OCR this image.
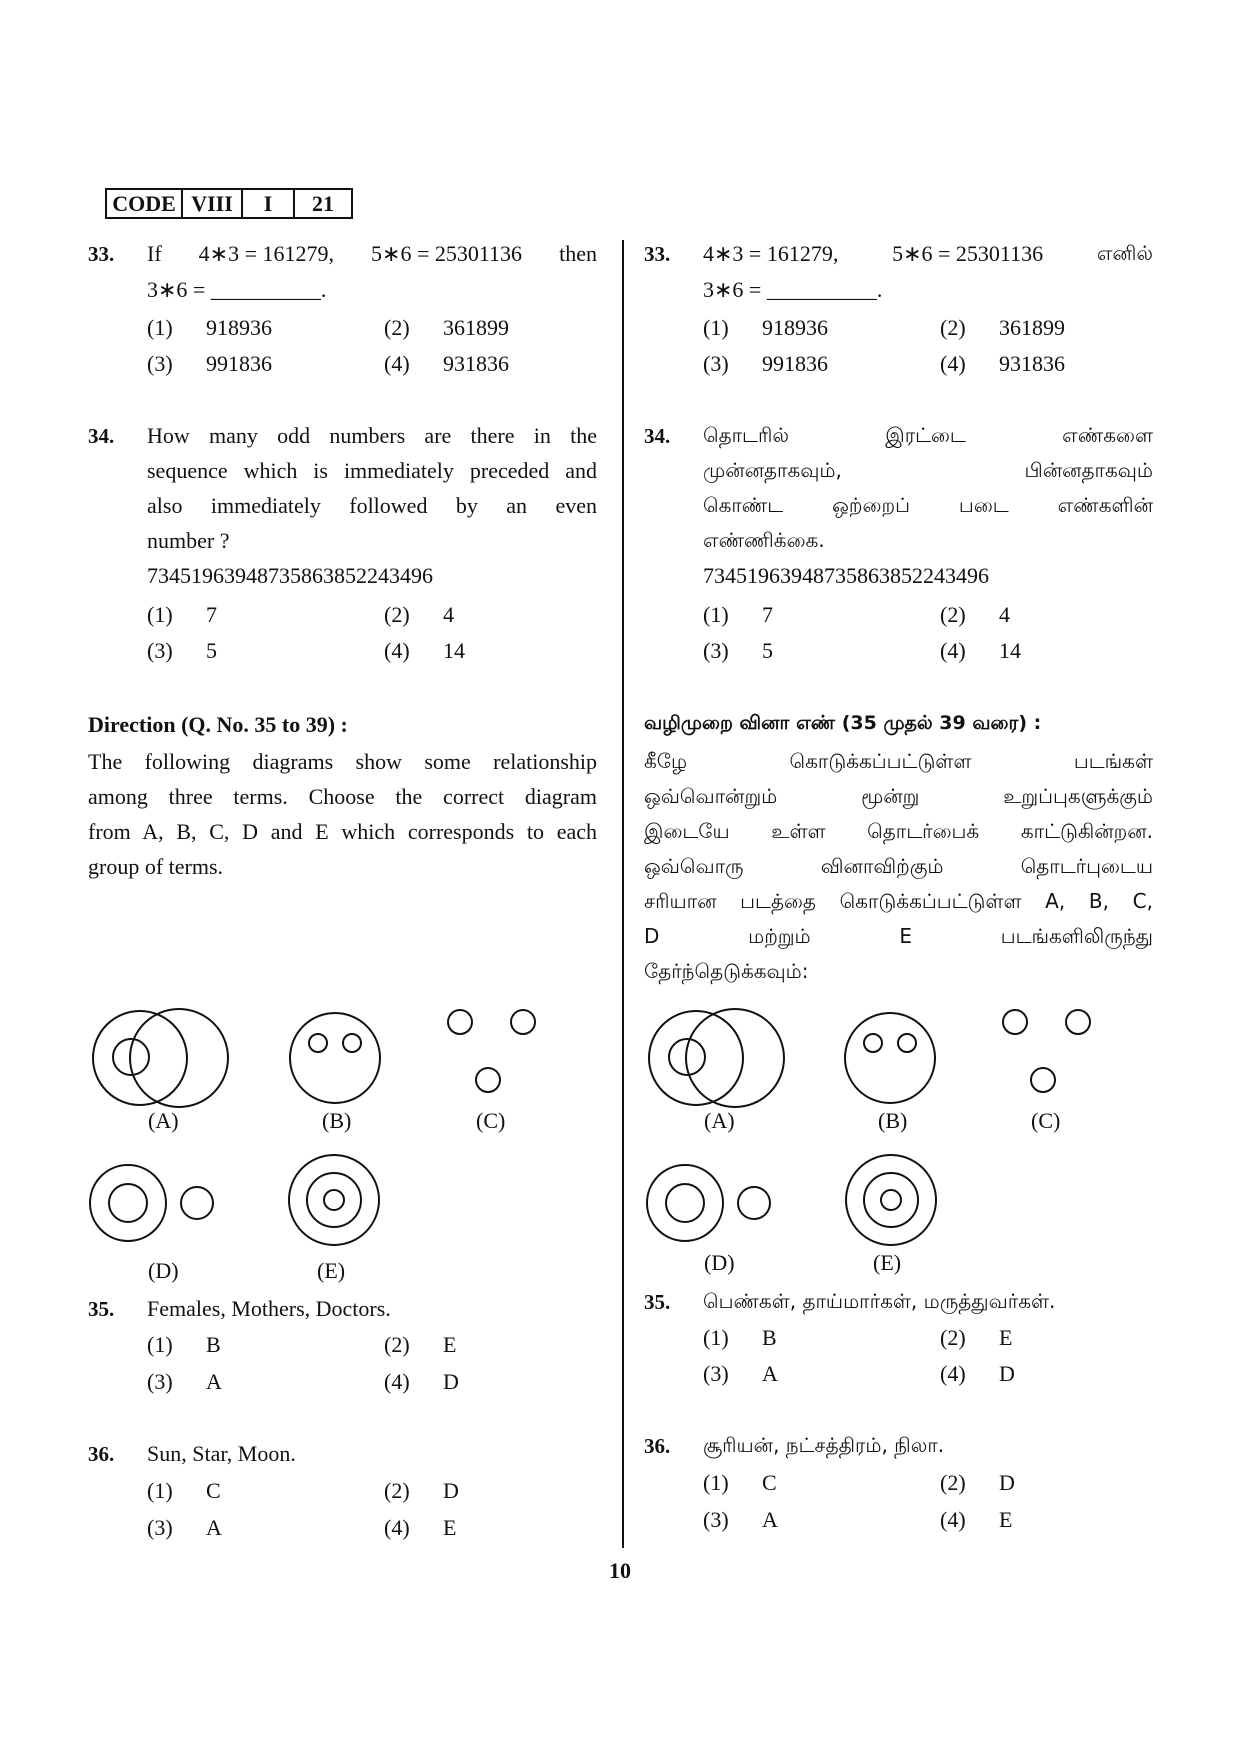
CODE VIII	I	21
33. If 4∗3 = 161279, 5∗6 = 25301136 then
3∗6 = __________.
(1) 918936	(2) 361899
(3) 991836	(4) 931836
34. How many odd numbers are there in the
sequence which is immediately preceded and
also immediately followed by an even
number ?
73451963948735863852243496
(1) 7	(2) 4
(3) 5	(4) 14
Direction (Q. No. 35 to 39) :
The following diagrams show some relationship
among three terms. Choose the correct diagram
from A, B, C, D and E which corresponds to each
group of terms.
(A)	(B)	(C)
(D)	(E)
35. Females, Mothers, Doctors.
(1) B	(2) E
(3) A	(4) D
36. Sun, Star, Moon.
(1) C	(2) D
(3) A	(4) E
33. 4∗3 = 161279, 5∗6 = 25301136	எனில்
3∗6 = __________.
(1) 918936	(2) 361899
(3) 991836	(4) 931836
34. தொடரில் இரட்டை எண்களை
முன்னதாகவும், பின்னதாகவும்
கொண்ட ஒற்றைப் படை எண்களின்
எண்ணிக்கை.
73451963948735863852243496
(1) 7	(2) 4
(3) 5	(4) 14
வழிமுறை வினா எண் (35 முதல் 39 வரை) :
கீழே கொடுக்கப்பட்டுள்ள படங்கள்
ஒவ்வொன்றும் மூன்று உறுப்புகளுக்கும்
இடையே உள்ள தொடர்பைக் காட்டுகின்றன.
ஒவ்வொரு வினாவிற்கும் தொடர்புடைய
சரியான படத்தை கொடுக்கப்பட்டுள்ள A, B, C,
D மற்றும் E படங்களிலிருந்து
தேர்ந்தெடுக்கவும்:
(A)	(B)	(C)
(D)	(E)
35. பெண்கள், தாய்மார்கள், மருத்துவர்கள்.
(1) B	(2) E
(3) A	(4) D
36. சூரியன், நட்சத்திரம், நிலா.
(1) C	(2) D
(3) A	(4) E
10
